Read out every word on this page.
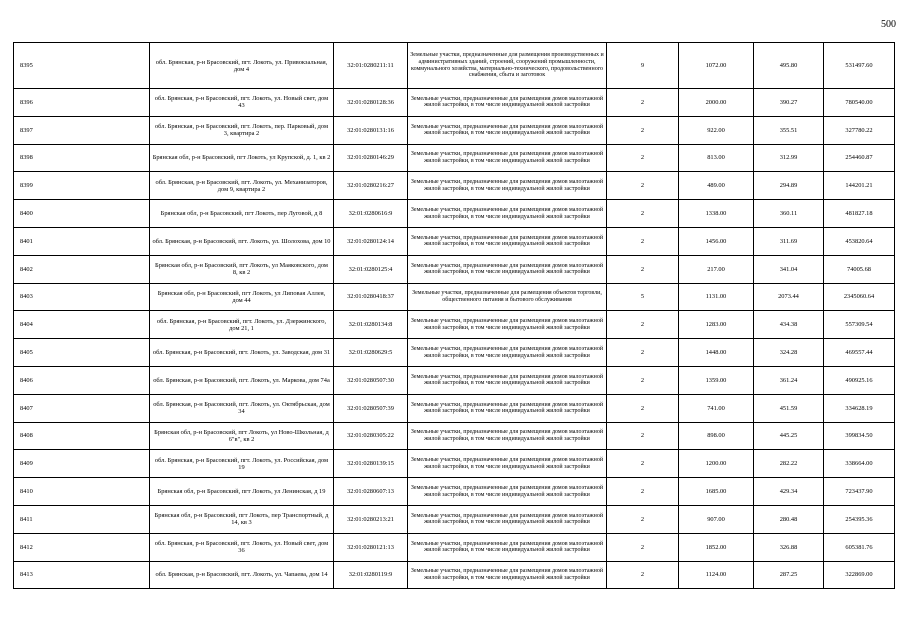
500
8395	обл. Брянская, р-н Брасовский, пгт. Локоть, ул. Привокзальная, дом 4	32:01:0280211:11	Земельные участки, предназначенные для размещения производственных и административных зданий, строений, сооружений промышленности, коммунального хозяйства, материально-технического, продовольственного снабжения, сбыта и заготовок	9	1072.00	495.80	531497.60
8396	обл. Брянская, р-н Брасовский, пгт. Локоть, ул. Новый свет, дом 43	32:01:0280128:36	Земельные участки, предназначенные для размещения домов малоэтажной жилой застройки, в том числе индивидуальной жилой застройки	2	2000.00	390.27	780540.00
8397	обл. Брянская, р-н Брасовский, пгт. Локоть, пер. Парковый, дом 3, квартира 2	32:01:0280131:16	Земельные участки, предназначенные для размещения домов малоэтажной жилой застройки, в том числе индивидуальной жилой застройки	2	922.00	355.51	327780.22
8398	Брянская обл, р-н Брасовский, пгт Локоть, ул Крупской, д. 1, кв 2	32:01:0280146:29	Земельные участки, предназначенные для размещения домов малоэтажной жилой застройки, в том числе индивидуальной жилой застройки	2	813.00	312.99	254460.87
8399	обл. Брянская, р-н Брасовский, пгт. Локоть, ул. Механизаторов, дом 9, квартира 2	32:01:0280216:27	Земельные участки, предназначенные для размещения домов малоэтажной жилой застройки, в том числе индивидуальной жилой застройки	2	489.00	294.89	144201.21
8400	Брянская обл, р-н Брасовский, пгт Локоть, пер Луговой, д 8	32:01:0280616:9	Земельные участки, предназначенные для размещения домов малоэтажной жилой застройки, в том числе индивидуальной жилой застройки	2	1338.00	360.11	481827.18
8401	обл. Брянская, р-н Брасовский, пгт. Локоть, ул. Шолохова, дом 10	32:01:0280124:14	Земельные участки, предназначенные для размещения домов малоэтажной жилой застройки, в том числе индивидуальной жилой застройки	2	1456.00	311.69	453820.64
8402	Брянская обл, р-н Брасовский, пгт Локоть, ул Маяковского, дом 8, кв 2	32:01:0280125:4	Земельные участки, предназначенные для размещения домов малоэтажной жилой застройки, в том числе индивидуальной жилой застройки	2	217.00	341.04	74005.68
8403	Брянская обл, р-н Брасовский, пгт Локоть, ул Липовая Аллея, дом 44	32:01:0280418:37	Земельные участки, предназначенные для размещения объектов торговли, общественного питания и бытового обслуживания	5	1131.00	2073.44	2345060.64
8404	обл. Брянская, р-н Брасовский, пгт. Локоть, ул. Дзержинского, дом 21, 1	32:01:0280134:8	Земельные участки, предназначенные для размещения домов малоэтажной жилой застройки, в том числе индивидуальной жилой застройки	2	1283.00	434.38	557309.54
8405	обл. Брянская, р-н Брасовский, пгт. Локоть, ул. Заводская, дом 31	32:01:0280629:5	Земельные участки, предназначенные для размещения домов малоэтажной жилой застройки, в том числе индивидуальной жилой застройки	2	1448.00	324.28	469557.44
8406	обл. Брянская, р-н Брасовский, пгт. Локоть, ул. Маркова, дом 74а	32:01:0280507:30	Земельные участки, предназначенные для размещения домов малоэтажной жилой застройки, в том числе индивидуальной жилой застройки	2	1359.00	361.24	490925.16
8407	обл. Брянская, р-н Брасовский, пгт. Локоть, ул. Октябрьская, дом 34	32:01:0280507:39	Земельные участки, предназначенные для размещения домов малоэтажной жилой застройки, в том числе индивидуальной жилой застройки	2	741.00	451.59	334628.19
8408	Брянская обл, р-н Брасовский, пгт Локоть, ул Ново-Школьная, д 6"в", кв 2	32:01:0280305:22	Земельные участки, предназначенные для размещения домов малоэтажной жилой застройки, в том числе индивидуальной жилой застройки	2	898.00	445.25	399834.50
8409	обл. Брянская, р-н Брасовский, пгт. Локоть, ул. Российская, дом 19	32:01:0280139:15	Земельные участки, предназначенные для размещения домов малоэтажной жилой застройки, в том числе индивидуальной жилой застройки	2	1200.00	282.22	338664.00
8410	Брянская обл, р-н Брасовский, пгт Локоть, ул Ленинская, д 19	32:01:0280607:13	Земельные участки, предназначенные для размещения домов малоэтажной жилой застройки, в том числе индивидуальной жилой застройки	2	1685.00	429.34	723437.90
8411	Брянская обл, р-н Брасовский, пгт Локоть, пер Транспортный, д 14, кв 3	32:01:0280213:21	Земельные участки, предназначенные для размещения домов малоэтажной жилой застройки, в том числе индивидуальной жилой застройки	2	907.00	280.48	254395.36
8412	обл. Брянская, р-н Брасовский, пгт. Локоть, ул. Новый свет, дом 36	32:01:0280121:13	Земельные участки, предназначенные для размещения домов малоэтажной жилой застройки, в том числе индивидуальной жилой застройки	2	1852.00	326.88	605381.76
8413	обл. Брянская, р-н Брасовский, пгт. Локоть, ул. Чапаева, дом 14	32:01:0280119:9	Земельные участки, предназначенные для размещения домов малоэтажной жилой застройки, в том числе индивидуальной жилой застройки	2	1124.00	287.25	322869.00
